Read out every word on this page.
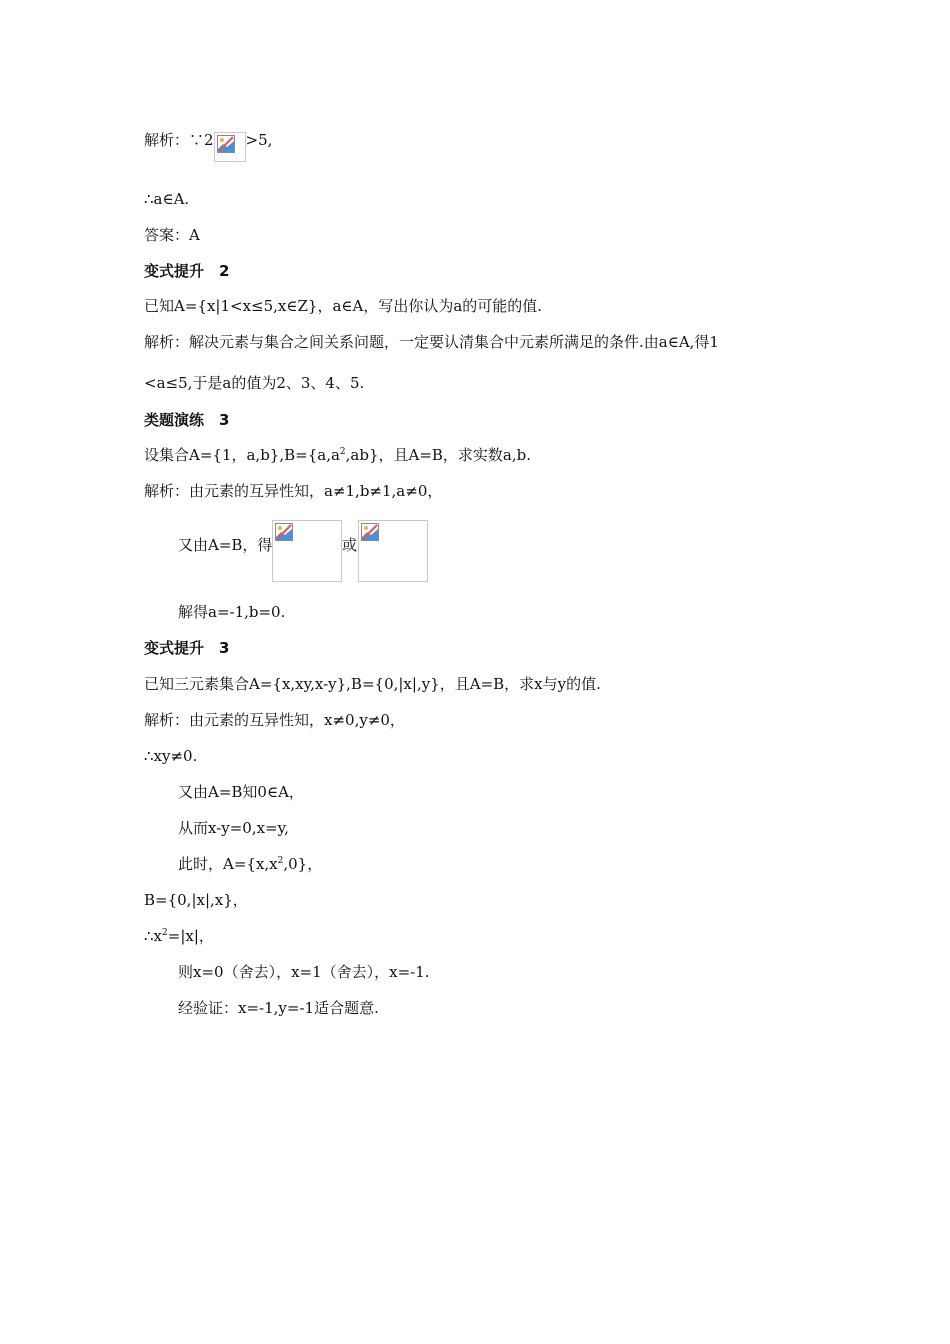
解析：∵2 >5,
∴a∈A.
答案：A
变式提升　2
已知A={x|1<x≤5,x∈Z}，a∈A，写出你认为a的可能的值.
解析：解决元素与集合之间关系问题，一定要认清集合中元素所满足的条件.由a∈A,得1
<a≤5,于是a的值为2、3、4、5.
类题演练　3
设集合A={1，$a,b\},B=\{a,a^2,ab\}$，且A=B，求实数a,b.
解析：由元素的互异性知，a≠1,b≠1,a≠0，
又由A=B，得	或
解得a=-1,b=0.
变式提升　3
已知三元素集合A={x,xy,x-y},B={0,|x|,y}，且A=B，求x与y的值.
解析：由元素的互异性知，x≠0,y≠0，
∴xy≠0.
又由A=B知0∈A，
从而x-y=0,x=y,
此时，$A=\{x,x^2,0\}$，
B={0,|x|,x}，
$\therefore x^2=|x|$，
则x=0（舍去），x=1（舍去），x=-1.
经验证：x=-1,y=-1适合题意.
